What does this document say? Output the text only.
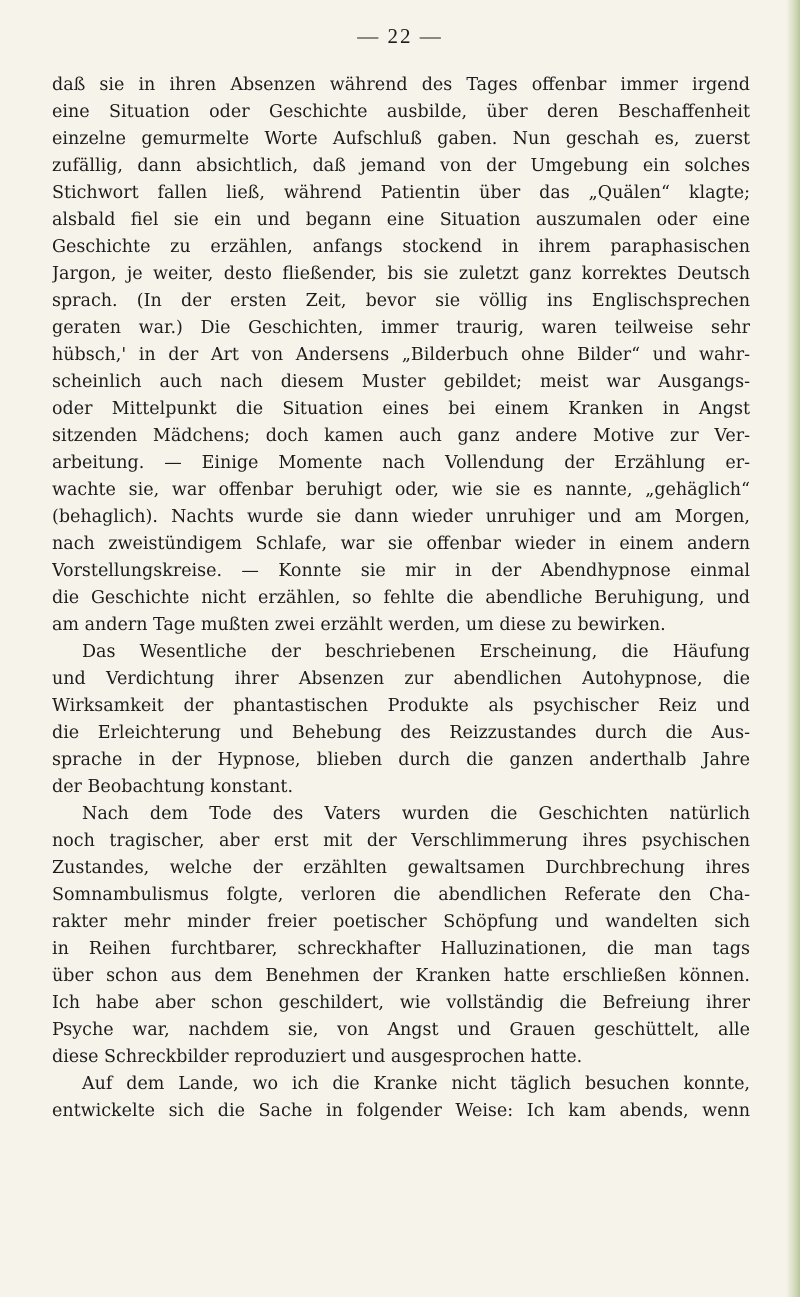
— 22 —
daß sie in ihren Absenzen während des Tages offenbar immer irgend
eine Situation oder Geschichte ausbilde, über deren Beschaffenheit
einzelne gemurmelte Worte Aufschluß gaben. Nun geschah es, zuerst
zufällig, dann absichtlich, daß jemand von der Umgebung ein solches
Stichwort fallen ließ, während Patientin über das „Quälen“ klagte;
alsbald fiel sie ein und begann eine Situation auszumalen oder eine
Geschichte zu erzählen, anfangs stockend in ihrem paraphasischen
Jargon, je weiter, desto fließender, bis sie zuletzt ganz korrektes Deutsch
sprach. (In der ersten Zeit, bevor sie völlig ins Englischsprechen
geraten war.) Die Geschichten, immer traurig, waren teilweise sehr
hübsch,' in der Art von Andersens „Bilderbuch ohne Bilder“ und wahr-
scheinlich auch nach diesem Muster gebildet; meist war Ausgangs-
oder Mittelpunkt die Situation eines bei einem Kranken in Angst
sitzenden Mädchens; doch kamen auch ganz andere Motive zur Ver-
arbeitung. — Einige Momente nach Vollendung der Erzählung er-
wachte sie, war offenbar beruhigt oder, wie sie es nannte, „gehäglich“
(behaglich). Nachts wurde sie dann wieder unruhiger und am Morgen,
nach zweistündigem Schlafe, war sie offenbar wieder in einem andern
Vorstellungskreise. — Konnte sie mir in der Abendhypnose einmal
die Geschichte nicht erzählen, so fehlte die abendliche Beruhigung, und
am andern Tage mußten zwei erzählt werden, um diese zu bewirken.
Das Wesentliche der beschriebenen Erscheinung, die Häufung
und Verdichtung ihrer Absenzen zur abendlichen Autohypnose, die
Wirksamkeit der phantastischen Produkte als psychischer Reiz und
die Erleichterung und Behebung des Reizzustandes durch die Aus-
sprache in der Hypnose, blieben durch die ganzen anderthalb Jahre
der Beobachtung konstant.
Nach dem Tode des Vaters wurden die Geschichten natürlich
noch tragischer, aber erst mit der Verschlimmerung ihres psychischen
Zustandes, welche der erzählten gewaltsamen Durchbrechung ihres
Somnambulismus folgte, verloren die abendlichen Referate den Cha-
rakter mehr minder freier poetischer Schöpfung und wandelten sich
in Reihen furchtbarer, schreckhafter Halluzinationen, die man tags
über schon aus dem Benehmen der Kranken hatte erschließen können.
Ich habe aber schon geschildert, wie vollständig die Befreiung ihrer
Psyche war, nachdem sie, von Angst und Grauen geschüttelt, alle
diese Schreckbilder reproduziert und ausgesprochen hatte.
Auf dem Lande, wo ich die Kranke nicht täglich besuchen konnte,
entwickelte sich die Sache in folgender Weise: Ich kam abends, wenn
